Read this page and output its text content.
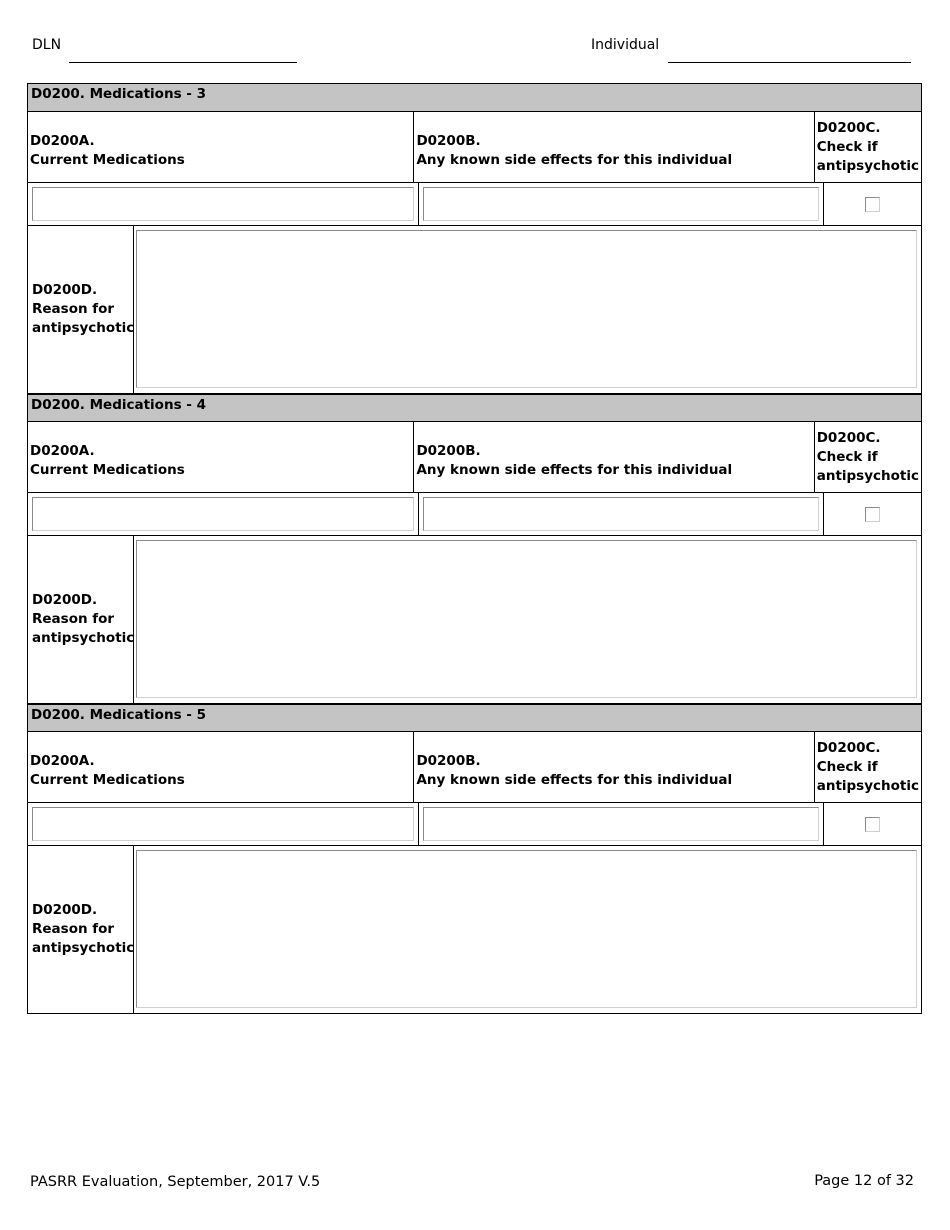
DLN	Individual
D0200. Medications - 3
D0200A.
Current Medications
D0200B.
Any known side effects for this individual
D0200C.
Check if
antipsychotic
D0200D.
Reason for
antipsychotic
D0200. Medications - 4
D0200A.
Current Medications
D0200B.
Any known side effects for this individual
D0200C.
Check if
antipsychotic
D0200D.
Reason for
antipsychotic
D0200. Medications - 5
D0200A.
Current Medications
D0200B.
Any known side effects for this individual
D0200C.
Check if
antipsychotic
D0200D.
Reason for
antipsychotic
PASRR Evaluation, September, 2017 V.5	Page 12 of 32
